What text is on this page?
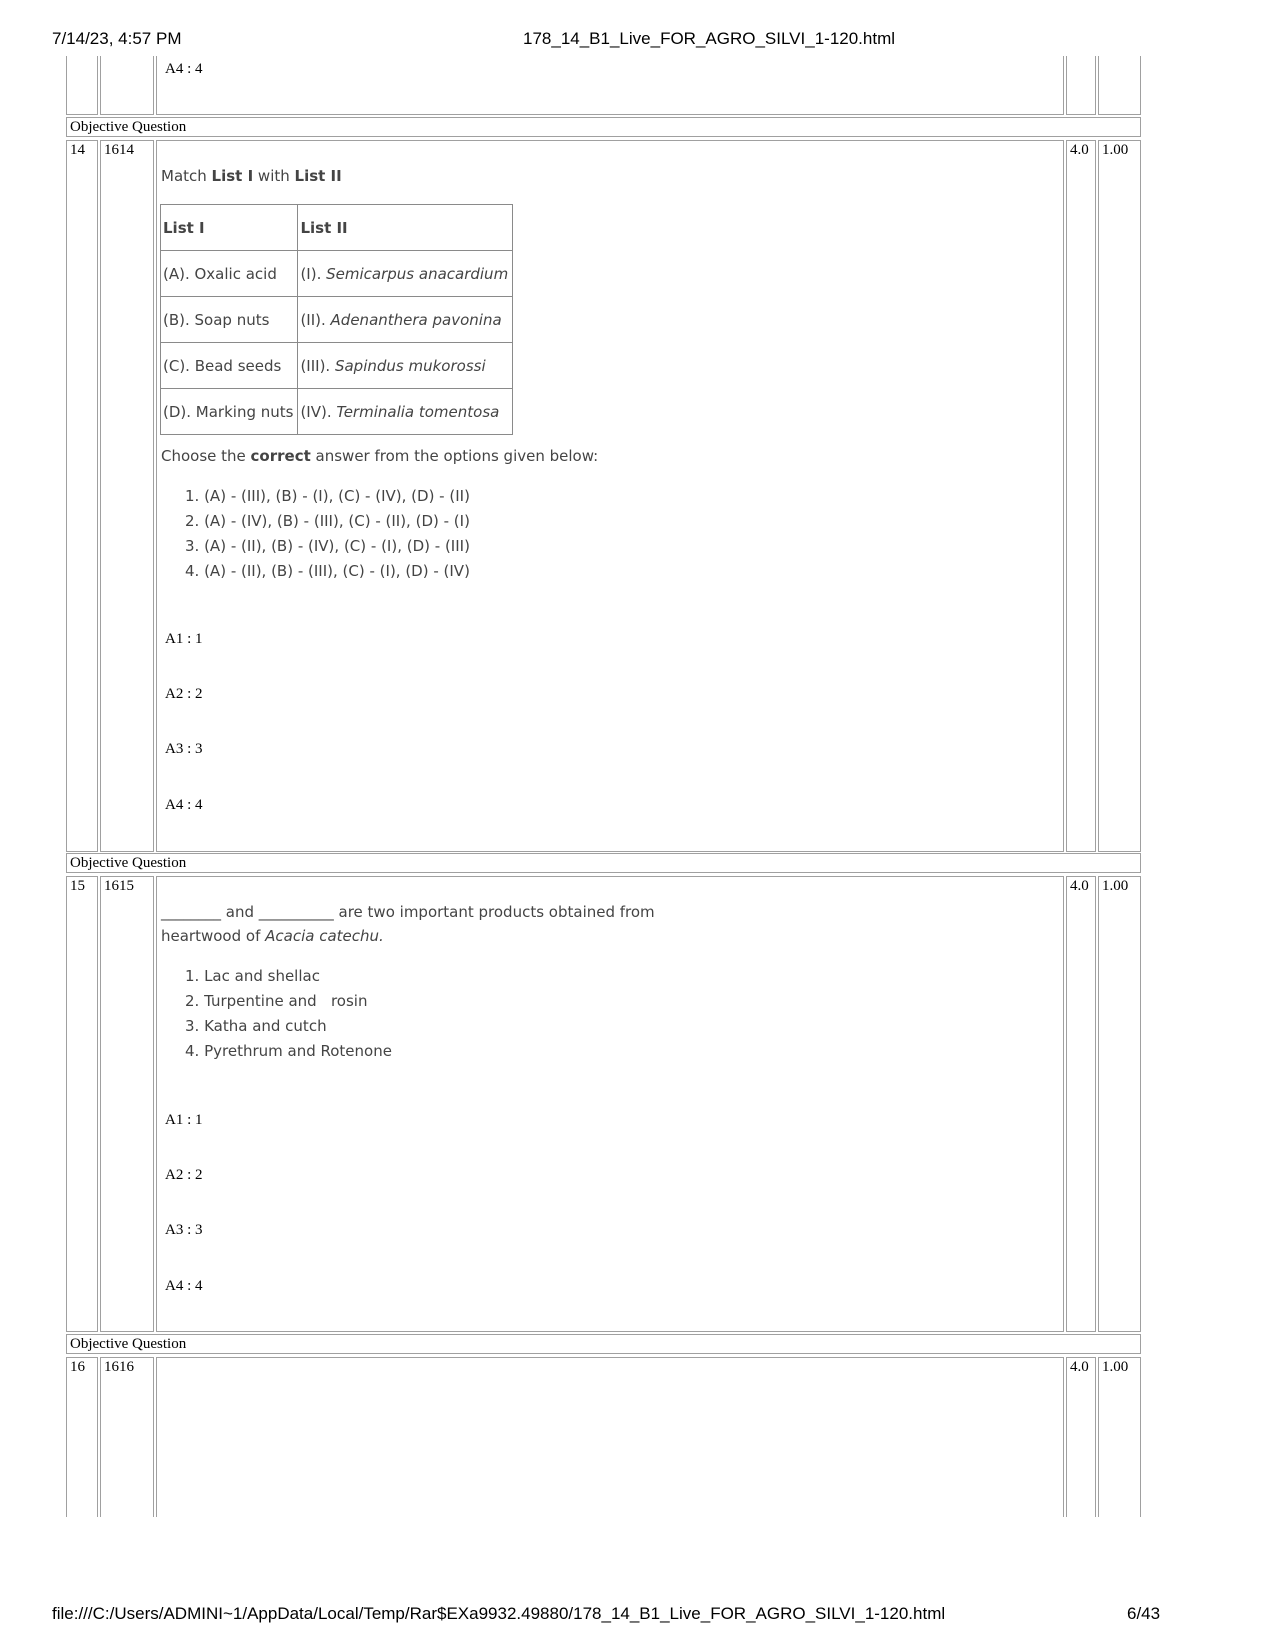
7/14/23, 4:57 PM	178_14_B1_Live_FOR_AGRO_SILVI_1-120.html
A4 : 4
Objective Question
14 1614	4.0 1.00
Match List I with List II
List I	List II
(A). Oxalic acid	(I). Semicarpus anacardium
(B). Soap nuts	(II). Adenanthera pavonina
(C). Bead seeds	(III). Sapindus mukorossi
(D). Marking nuts	(IV). Terminalia tomentosa
Choose the correct answer from the options given below:
1. (A) - (III), (B) - (I), (C) - (IV), (D) - (II)
2. (A) - (IV), (B) - (III), (C) - (II), (D) - (I)
3. (A) - (II), (B) - (IV), (C) - (I), (D) - (III)
4. (A) - (II), (B) - (III), (C) - (I), (D) - (IV)
A1 : 1
A2 : 2
A3 : 3
A4 : 4
Objective Question
15 1615	4.0 1.00
________ and __________ are two important products obtained from
heartwood of Acacia catechu.
1. Lac and shellac
2. Turpentine and   rosin
3. Katha and cutch
4. Pyrethrum and Rotenone
A1 : 1
A2 : 2
A3 : 3
A4 : 4
Objective Question
16 1616	4.0 1.00
file:///C:/Users/ADMINI~1/AppData/Local/Temp/Rar$EXa9932.49880/178_14_B1_Live_FOR_AGRO_SILVI_1-120.html	6/43
